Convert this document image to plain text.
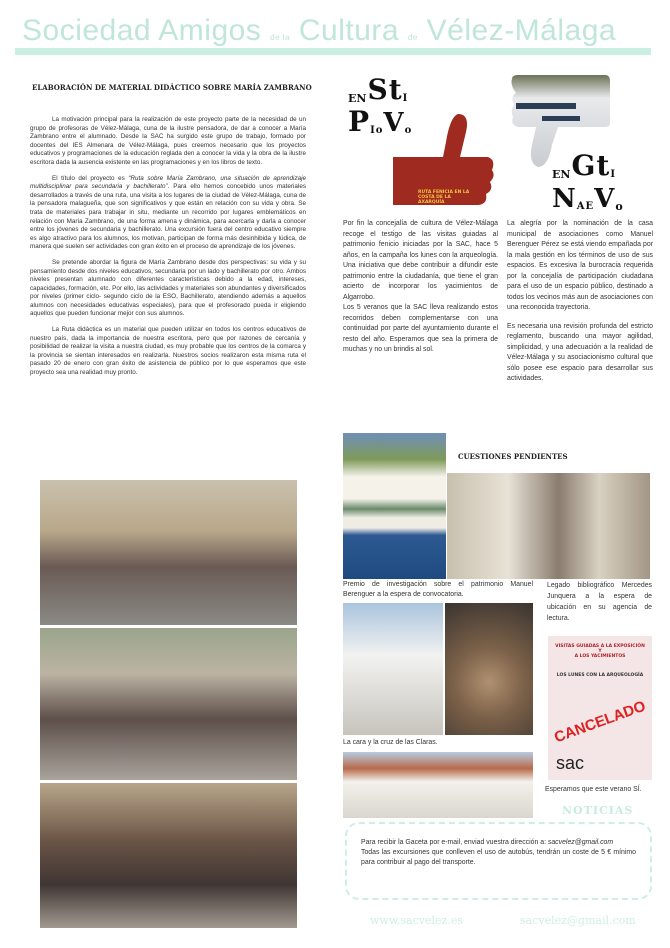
Sociedad Amigos de la Cultura de Vélez-Málaga
ELABORACIÓN DE MATERIAL DIDÁCTICO SOBRE MARÍA ZAMBRANO

La motivación principal para la realización de este proyecto parte de la necesidad de un grupo de profesoras de Vélez-Málaga, cuna de la ilustre pensadora, de dar a conocer a María Zambrano entre el alumnado. Desde la SAC ha surgido este grupo de trabajo, formado por docentes del IES Almenara de Vélez-Málaga, pues creemos necesario que los proyectos educativos y programaciones de la educación reglada den a conocer la vida y la obra de la ilustre escritora dada la ausencia existente en las programaciones y en los libros de texto.

El título del proyecto es “Ruta sobre María Zambrano, una situación de aprendizaje multidisciplinar para secundaria y bachillerato”. Para ello hemos concebido unos materiales desarrollados a través de una ruta, una visita a los lugares de la ciudad de Vélez-Málaga, cuna de la pensadora malagueña, que son significativos y que están en relación con su vida y obra. Se trata de materiales para trabajar in situ, mediante un recorrido por lugares emblemáticos en relación con María Zambrano, de una forma amena y dinámica, para acercarla y darla a conocer entre los jóvenes de secundaria y bachillerato. Una excursión fuera del centro educativo siempre es algo atractivo para los alumnos, los motivan, participan de forma más desinhibida y lúdica, de manera que suelen ser actividades con gran éxito en el proceso de aprendizaje de los jóvenes.

Se pretende abordar la figura de María Zambrano desde dos perspectivas: su vida y su pensamiento desde dos niveles educativos, secundaria por un lado y bachillerato por otro. Ambos niveles presentan alumnado con diferentes características debido a la edad, intereses, capacidades, formación, etc. Por ello, las actividades y materiales son abundantes y diversificados por niveles (primer ciclo- segundo ciclo de la ESO, Bachillerato, atendiendo además a aquellos alumnos con necesidades educativas especiales), para que el profesorado pueda ir eligiendo aquellos que pueden funcionar mejor con sus alumnos.

La Ruta didáctica es un material que pueden utilizar en todos los centros educativos de nuestro país, dada la importancia de nuestra escritora, pero que por razones de cercanía y posibilidad de realizar la visita a nuestra ciudad, es muy probable que los centros de la comarca y la provincia se sientan interesados en realizarla. Nuestros socios realizaron esta misma ruta el pasado 20 de enero con gran éxito de asistencia de público por lo que esperamos que este proyecto sea una realidad muy pronto.

EN S t I
P I o V o
RUTA FENICIA EN LA COSTA DE LA AXARQUÍA

Por fin la concejalía de cultura de Vélez-Málaga recoge el testigo de las visitas guiadas al patrimonio fenicio iniciadas por la SAC, hace 5 años, en la campaña los lunes con la arqueología. Una iniciativa que debe contribuir a difundir este patrimonio entre la ciudadanía, que tiene el gran acierto de incorporar los yacimientos de Algarrobo.

Los 5 veranos que la SAC lleva realizando estos recorridos deben complementarse con una continuidad por parte del ayuntamiento durante el resto del año. Esperamos que sea la primera de muchas y no un brindis al sol.

EN G t I
N A E V o

La alegría por la nominación de la casa municipal de asociaciones como Manuel Berenguer Pérez se está viendo empañada por la mala gestión en los términos de uso de sus espacios. Es excesiva la burocracia requerida por la concejalía de participación ciudadana para el uso de un espacio público, destinado a todos los vecinos más aun de asociaciones con una reconocida trayectoria.

Es necesaria una revisión profunda del estricto reglamento, buscando una mayor agilidad, simplicidad, y una adecuación a la realidad de Vélez-Málaga y su asociacionismo cultural que sólo posee ese espacio para desarrollar sus actividades.

CUESTIONES PENDIENTES
Premio de investigación sobre el patrimonio Manuel Berenguer a la espera de convocatoria.
Legado bibliográfico Mercedes Junquera a la espera de ubicación en su agencia de lectura.
La cara y la cruz de las Claras.
VISITAS GUIADAS A LA EXPOSICIÓN
Y
A LOS YACIMIENTOS
LOS LUNES CON LA ARQUEOLOGÍA
sac
CANCELADO
Esperamos que este verano SÍ.
NOTICIAS
Para recibir la Gaceta por e-mail, enviad vuestra dirección a: sacvelez@gmail.com
Todas las excursiones que conlleven el uso de autobús, tendrán un coste de 5 € mínimo para contribuir al pago del transporte.
www.sacvelez.es	sacvelez@gmail.com
